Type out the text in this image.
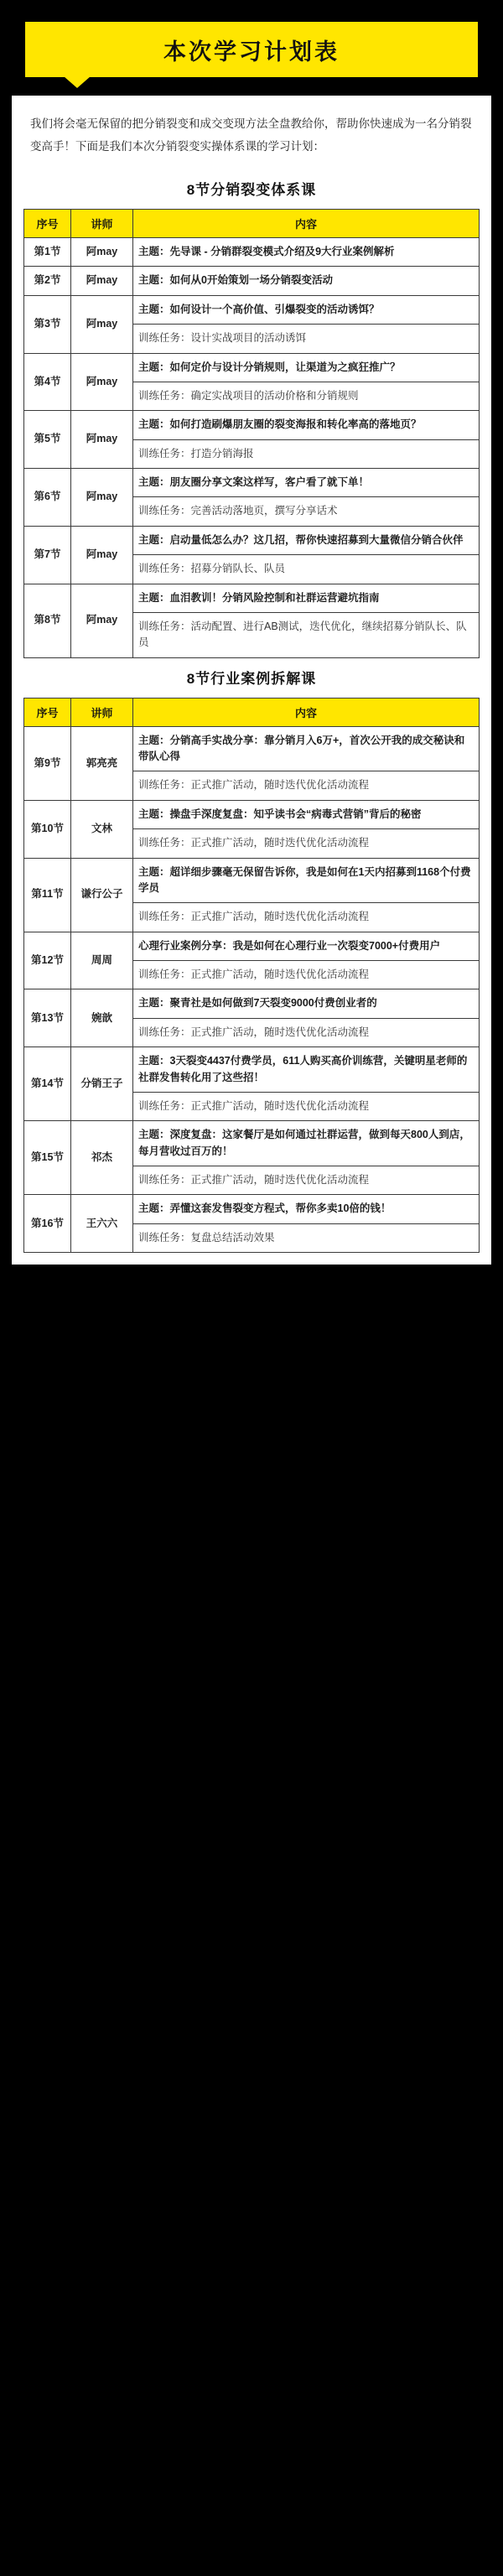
本次学习计划表
我们将会毫无保留的把分销裂变和成交变现方法全盘教给你，帮助你快速成为一名分销裂变高手！下面是我们本次分销裂变实操体系课的学习计划：
8节分销裂变体系课
序号	讲师	内容
第1节	阿may	主题：先导课 - 分销群裂变模式介绍及9大行业案例解析
第2节	阿may	主题：如何从0开始策划一场分销裂变活动
第3节	阿may	主题：如何设计一个高价值、引爆裂变的活动诱饵？
		训练任务：设计实战项目的活动诱饵
第4节	阿may	主题：如何定价与设计分销规则，让渠道为之疯狂推广？
		训练任务：确定实战项目的活动价格和分销规则
第5节	阿may	主题：如何打造刷爆朋友圈的裂变海报和转化率高的落地页？
		训练任务：打造分销海报
第6节	阿may	主题：朋友圈分享文案这样写，客户看了就下单！
		训练任务：完善活动落地页，撰写分享话术
第7节	阿may	主题：启动量低怎么办？这几招，帮你快速招募到大量微信分销合伙伴
		训练任务：招募分销队长、队员
第8节	阿may	主题：血泪教训！分销风险控制和社群运营避坑指南
		训练任务：活动配置、进行AB测试，迭代优化，继续招募分销队长、队员
8节行业案例拆解课
序号	讲师	内容
第9节	郭亮亮	主题：分销高手实战分享：靠分销月入6万+，首次公开我的成交秘诀和带队心得
		训练任务：正式推广活动，随时迭代优化活动流程
第10节	文林	主题：操盘手深度复盘：知乎读书会“病毒式营销”背后的秘密
		训练任务：正式推广活动，随时迭代优化活动流程
第11节	谦行公子	主题：超详细步骤毫无保留告诉你，我是如何在1天内招募到1168个付费学员
		训练任务：正式推广活动，随时迭代优化活动流程
第12节	周周	心理行业案例分享：我是如何在心理行业一次裂变7000+付费用户
		训练任务：正式推广活动，随时迭代优化活动流程
第13节	婉歆	主题：聚青社是如何做到7天裂变9000付费创业者的
		训练任务：正式推广活动，随时迭代优化活动流程
第14节	分销王子	主题：3天裂变4437付费学员，611人购买高价训练营，关键明星老师的社群发售转化用了这些招！
		训练任务：正式推广活动，随时迭代优化活动流程
第15节	祁杰	主题：深度复盘：这家餐厅是如何通过社群运营，做到每天800人到店，每月营收过百万的！
		训练任务：正式推广活动，随时迭代优化活动流程
第16节	王六六	主题：弄懂这套发售裂变方程式，帮你多卖10倍的钱！
		训练任务：复盘总结活动效果
